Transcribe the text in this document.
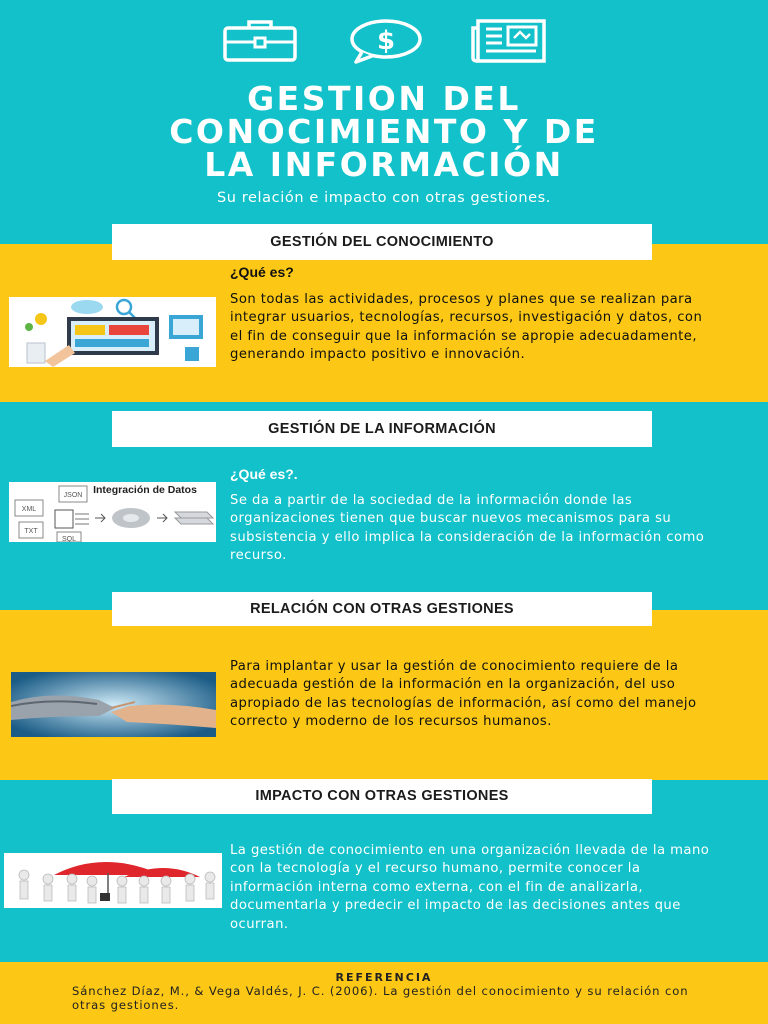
$
GESTION DEL
CONOCIMIENTO Y DE
LA INFORMACIÓN
Su relación e impacto con otras gestiones.
GESTIÓN DEL CONOCIMIENTO
¿Qué es?
Son todas las actividades, procesos y planes que se realizan para integrar usuarios, tecnologías, recursos, investigación y datos, con el fin de conseguir que la información se apropie adecuadamente, generando impacto positivo e innovación.
GESTIÓN DE LA INFORMACIÓN
¿Qué es?.
Integración de Datos
JSON
XML
TXT
SQL
Se da a partir de la sociedad de la información donde las organizaciones tienen que buscar nuevos mecanismos para su subsistencia y ello implica la consideración de la información como recurso.
RELACIÓN CON OTRAS GESTIONES
Para implantar y usar la gestión de conocimiento requiere de la adecuada gestión de la información en la organización, del uso apropiado de las tecnologías de información, así como del manejo correcto y moderno de los recursos humanos.
IMPACTO CON OTRAS GESTIONES
La gestión de conocimiento en una organización llevada de la mano con la tecnología y el recurso humano, permite conocer la información interna como externa, con el fin de analizarla, documentarla y predecir el impacto de las decisiones antes que ocurran.
REFERENCIA
Sánchez Díaz, M., & Vega Valdés, J. C. (2006). La gestión del conocimiento y su relación con otras gestiones.
